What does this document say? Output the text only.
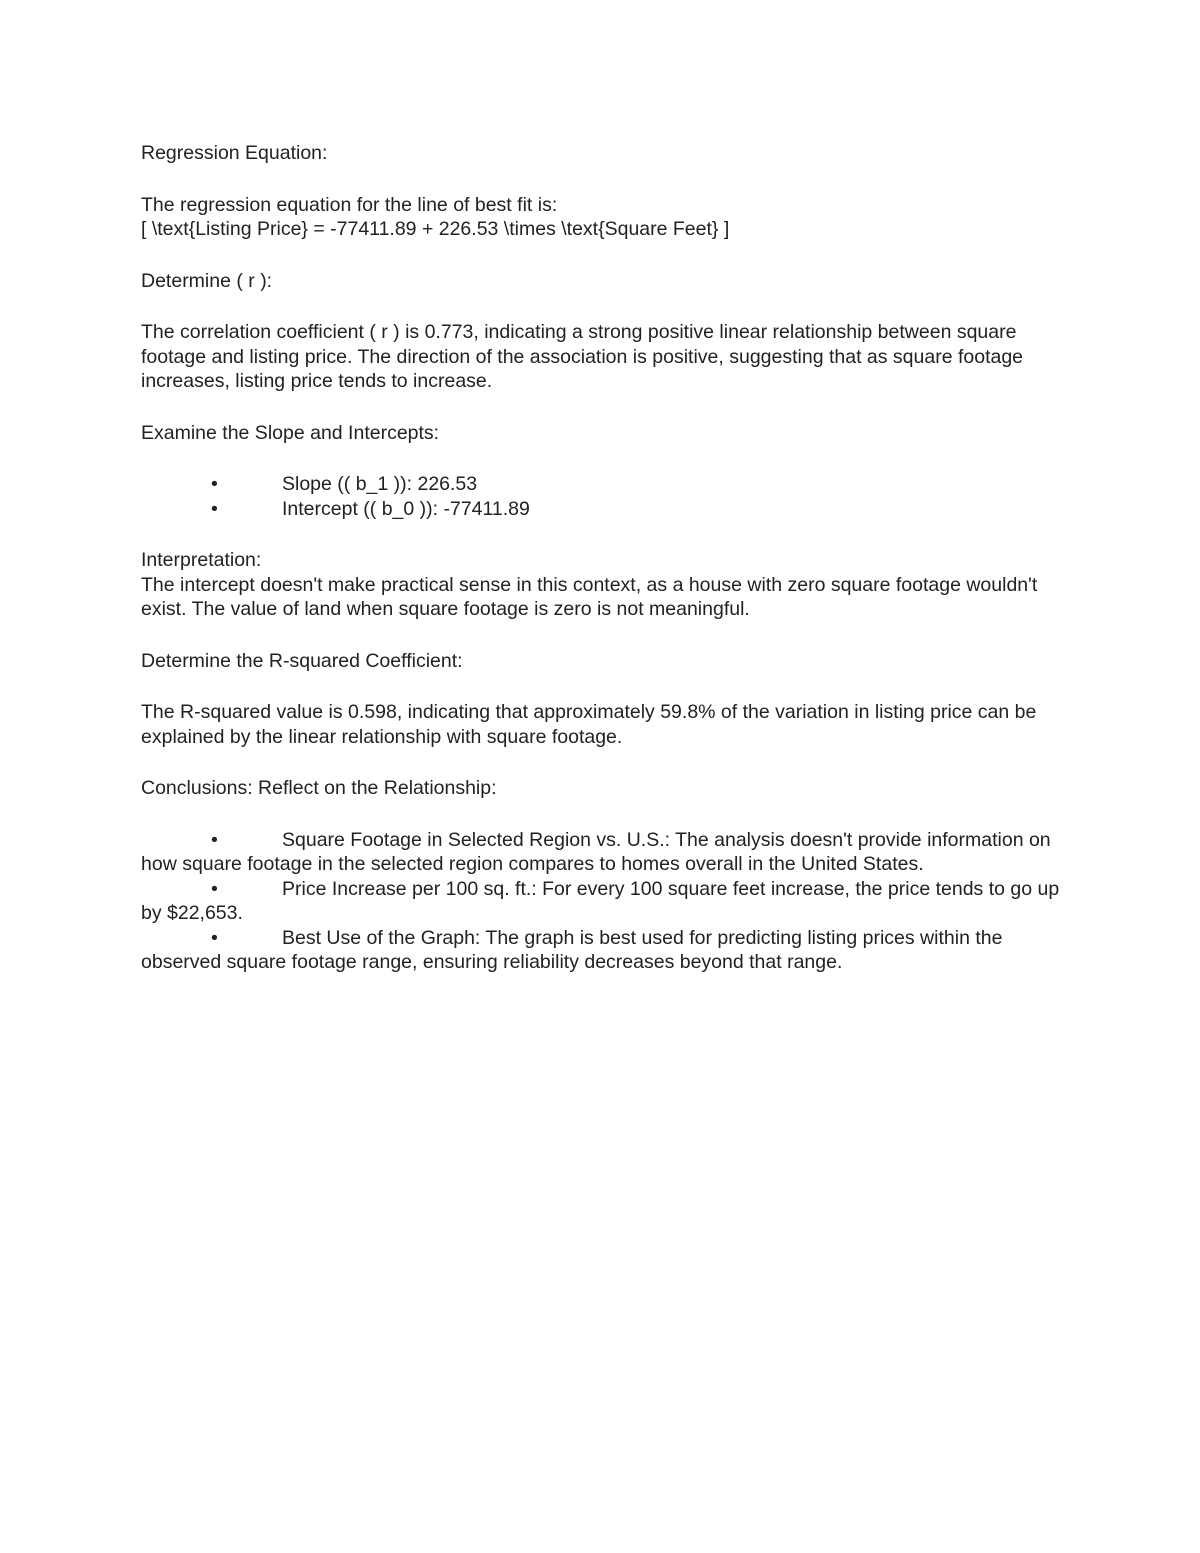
Regression Equation:

The regression equation for the line of best fit is:

[ \text{Listing Price} = -77411.89 + 226.53 \times \text{Square Feet} ]

Determine ( r ):

The correlation coefficient ( r ) is 0.773, indicating a strong positive linear relationship between square footage and listing price. The direction of the association is positive, suggesting that as square footage increases, listing price tends to increase.

Examine the Slope and Intercepts:

•	Slope (( b_1 )): 226.53
•	Intercept (( b_0 )): -77411.89

Interpretation:

The intercept doesn't make practical sense in this context, as a house with zero square footage wouldn't exist. The value of land when square footage is zero is not meaningful.

Determine the R-squared Coefficient:

The R-squared value is 0.598, indicating that approximately 59.8% of the variation in listing price can be explained by the linear relationship with square footage.

Conclusions: Reflect on the Relationship:

•	Square Footage in Selected Region vs. U.S.: The analysis doesn't provide information on how square footage in the selected region compares to homes overall in the United States.

•	Price Increase per 100 sq. ft.: For every 100 square feet increase, the price tends to go up by $22,653.

•	Best Use of the Graph: The graph is best used for predicting listing prices within the observed square footage range, ensuring reliability decreases beyond that range.
